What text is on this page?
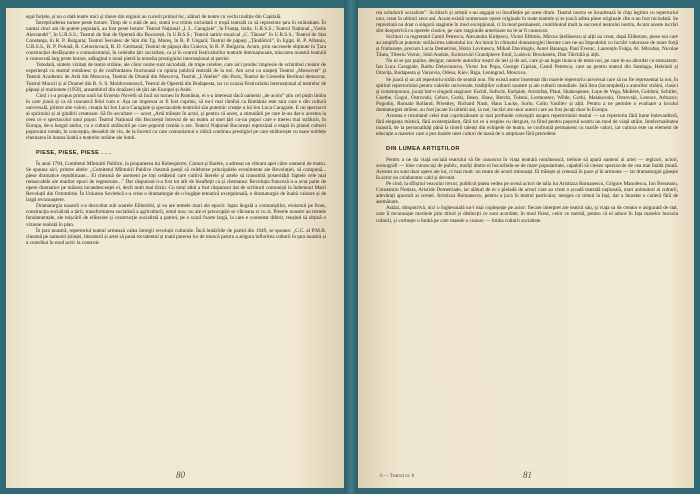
egal forțele, și nu o dată teatre mici și tinere din regiuni au cucerit primul loc, alături de teatre cu vechi tradiție din Capitală.

Întreprinderea turnee peste hotare. Timp de o sută de ani, statul n-a trimis niciodată o trupă teatrală ca să reprezinte țara în străinătate. În numai cinci ani de putere populară, au fost peste hotare: Teatrul Național „I. L. Caragiale”, în Franța, Italia, U.R.S.S.; Teatrul Național „Vasile Alecsandri”, în U.R.S.S.; Teatrul de Stat de Operetă din București, în U.R.S.S.; Teatrul satiric-muzical „C. Tănase” în U.R.S.S.; Teatrul de Stat Constanța, în R. P. Bulgaria; Teatrul Secuiesc de Stat din Tg. Mureș, în R. P. Ungară; Teatrul de păpuși „Țăndărică”, în Egipt, R. P. Albania, U.R.S.S., R. P. Polonă, R. Cehoslovacă, R. D. Germană; Teatrul de păpuși din Craiova, în R. P. Bulgaria. Acum, prin succesele obținute în Țara construcției desfășurate a comunismului, în celelalte țări socialiste, ca și în centrul festivalurilor teatrale internaționale, miscarea noastră teatrală e cunoscută larg peste hotare, adăugind o nouă pietră la temelia prestigiului internațional al patriei.

Totodată, sintem vizitați de teatre străine, ale căror nume sunt niciodată, de trupe celebre, care aici produc impresie de schimbul creator de experiență cu teatrul românesc și de confruntarea fructuoasă cu opinia publică teatrală de la noi. Am avut ca oaspeți Teatrul „Mossovet” și Teatrul Academic de Artă din Moscova, Teatrul de Dramă din Moscova, Teatrul „L'Atelier” din Paris, Teatrul de Comedie Berlinul democrat, Teatrul Muncii și al Dramei din R. S. S. Moldovenească, Teatrul de Operetă din Budapesta, iar cu ocazia Festivalului internațional al teatrelor de păpuși și marionete (1958), ansamblurI din douăzeci de țări ale Europei și Asiei.

Cind i s-a propus prima oară lui Ernesto Novelli să facă un turneu în România, ei s-a interesat dacă oamenii „de acolo” știu cel puțin limba în care joacă și ca să cunoască felul cum e. Așa un impresar ar fi fost cuprins, să nu-l mai rămînă ca România este tara care e din cultură universală, printre alte valori, creația lui Ion Luca Caragiale și spectacolele teatrului său puternic creație a lui Ion Luca Caragiale. E un spectacol al spiritului și al gindirii creatoare. Să fie ascultare — acest „Artă trăiește în actul, și pentru că acest, a stimulării pe care le-au dat-o acestea la ceea ce e spectacolul unui popor. Teatrul Național din București întrecut de un teatru al unei țări cu-un popor care e mereu mai strălucit, în Europa, de-a lungul anilor, cu o cultură strălucită pe care poporul român o are. Teatrul Național București reprezintă o etapă în planul culturii poporului român, în concepția, deosebit de viu, de la încetul cu care comunismul o ridică continuu prestigiul pe care strălucește cu mare noblețe chemarea în lumea înaltă a teatrelor străine ale lumii.

PIESE, PIESE, PIESE . . .

În anul 1794, Comitetul Mîntuirii Publice, la propunerea lui Robespierre, Carnot și Barère, a adresat un vibrant apel către oamenii de teatru. Se spunea aici, printre altele: „Comitetul Mîntuirii Publice cheamă poeții să celebreze principalele evenimente ale Revoluției, să compună... piese dramatice republicane... El cheamă de asemeni pe toți cetățenii care cultivă literele și artele să transmită posterității faptele cele mai remarcabile ale marilor epoci de regenerare...” Dar răspunsul n-a fost tot atît de însuflețit ca și chemarea: Revoluția franceză n-a avut parte de opere dramatice pe măsura incandescenței ei, decît mult mai tîrziu. Cu totul altul a fost răspunsul dat de scriitorii comuniști la îndemnul Marii Revoluții din Octombrie. În Uniunea Sovietică s-a creat o dramaturgie de o bogăție tematică excepțională, o dramaturgie de înaltă valoare și de largă recunoaștere.

Dramaturgia noastră s-a dezvoltat sub soarele Eliberării, și ea are temele mari ale epocii: lupta ilegală a comuniștilor, eroismul pe front, construcția socialistă a țării, transformarea socialistă a agriculturii, omul nou; nu ale ei preocupări se vîlceaua zi cu zi. Piesele noastre au temele fundamentale, ale mișcării de eliberare și construcție socialistă a patriei, pe o scară foarte largă, la care e comentat diferit, reușind să obțină o viziune realistă în plan.

În țara noastră, repertoriul teatral urmează calea întregii revoluții culturale. Încă hotărîrile de partid din 1949, se spunea: „C.C. al P.M.R. cheamă pe oamenii științei, literaturii și artei să pună tot talentul și toată puterea lor de muncă pentru a asigura înflorirea culturii în țara noastră și a contribui în mod activ la construi-

80

rea orînduirii socialiste”. Scriitorii și artiștii s-au angajat cu însuflețire pe acest drum. Teatrul nostru se încadrează în chip legitim cu repertoriul nou, creat în ultimii zece ani. Acum există numeroase opere originale în toate teatrele și se joacă atîtea piese originale cîte n-au fost niciodată. Se reprezintă nu doar o singură stagiune în mod excepțional, ci în mod permanent, contribuind mult la succesul teatrului nostru. Acum aceste lucrări sînt deopotrivă cu operele clasice, pe care stagiunile anterioare nu le-ar fi cunoscut.

Scriitori ca regretatul Camil Petrescu, Alexandru Kirițescu, Victor Eftimiu, Mircea Ștefănescu și alții au creat, după Eliberare, piese noi care au amplificat puternic strălucirea talentului lor. Au intrat în climatul dramaturgiei literare care ne-au împodobit cu lucrări valoroase de mare forță și frumusețe, precum Lucia Demetrius, Horia Lovinescu, Mihail Davidoglu, Aurel Baranga, Paul Everac, Laurențiu Fulga, Al. Mirodan, Nicolae Tăutu, Tiberiu Vornic, Sütő András, Kolozsvári Grandpierre Emil, Ludovic Bruckstein, Dan Tărchilă și alții.

Nu ni se par puține, desigur, numele autorilor noștri de ieri și de azi, care și-au legat munca de teme noi, pe care le-au abordat cu entuziasm: Ion Luca Caragiale, Barbu Delavrancea, Victor Ion Popa, George Ciprian, Camil Petrescu, care au pentru teatrul din Santiago, Helsinki și Oravița, Budapesta și Varșovia, Odesa, Kiev, Riga, Leningrad, Moscova.

Se joacă și un alt repertoriu străin de seamă nou. Nu există autor însemnat din marele repertoriu universal care să nu fie reprezentat la noi, în spiritul repertoriului pentru valorile universale, tradițiilor culturii noastre și ale culturii mondiale. Iată lista (incompletă) a autorilor străini, clasici și contemporani, jucați într-o singură stagiune: Eschil, Sofocle, Euripide, Aristofan, Plaut, Shakespeare, Lope de Vega, Molière, Goldoni, Schiller, Goethe, Gogol, Ostrovski, Cehov, Gorki, Ibsen, Shaw, Brecht, Tolstoi, Lermontov, Wilde, Gorki, Maiakovski, Ostrovski, Leonov, Arbuzov, Pogodin, Romain Rolland, Priestley, Richard Nash, Hans Lucke, Sorin, Colin Vasiliev și alții. Pentru a ne permite o evaluare a locului dramaturgiei străine, au fost jucate în ultimii ani, la noi, lucrări ale unor autori care au fost jucați doar în Europa.

Aceasta e rezultatul celei mai cuprinzătoare și mai profunde concepții asupra repertoriului teatral — un repertoriu fără lume bulevardieră, fără eleganța mistică, fără existențialism, fără tot ce a respins cu dezgust, ca fiind pentru poporul nostru un mod de viață străin. Intelectualitatea noastră, de la personalități până la tinerii talenți din echipele de teatru, se confruntă permanent cu marile valori, iar cultura este un element de educație a maselor care a pus bazele unei culturi de masă de o amploare fără precedent.

DIN LUMEA ARTIȘTILOR

Pentru a ne da viață socială teatrului să fie cunoscut în viața teatrală românească, trebuie să apară oameni ai artei — regizori, actori, scenografi — bine cunoscuți de public, muliți dintre ei bucurîndu-se de mare popularitate, capabili să creeze spectacole de cea mai înaltă ținută. Acestea nu sunt doar opere ale lor, ci mai mult: un neam de actori minunați. El trăiește și creează în pace și în armonie — iar dramaturgul găsește în actor un colaborator cald și devotat.

Pe cind, la sfîrșitul veacului trecut, publicul putea vedea pe scenă actori de talia lui Aristizza Romanescu, Grigore Manolescu, Ion Brezeanu, Constantin Nottara, Aristide Demetriade, iar alături de ei o pleiadă de actori care au creat o școală teatrală națională, mari animatori ai culturii, adevărați apostoli ai scenei. Aristizza Romanescu, pentru a juca în teatrul particular, mergea cu trenul la Iași, dar a înnodat o carieră fără de asemănare.

Astăzi, dimpotrivă, nici o înghesuială nu-l mai copleșește pe actor: fiecare interpret are teatrul său, și viața sa de creator e asigurată de stat, care îi recunoaște meritele prin titluri și distincții ce sunt acordate, în mod firesc, celor ce merită, pentru că el aduce în fața maselor bucuria culturii, și vorbește o limbă pe care masele o cunosc — limba culturii socialiste.

6 — Teatrul nr. 8	81
